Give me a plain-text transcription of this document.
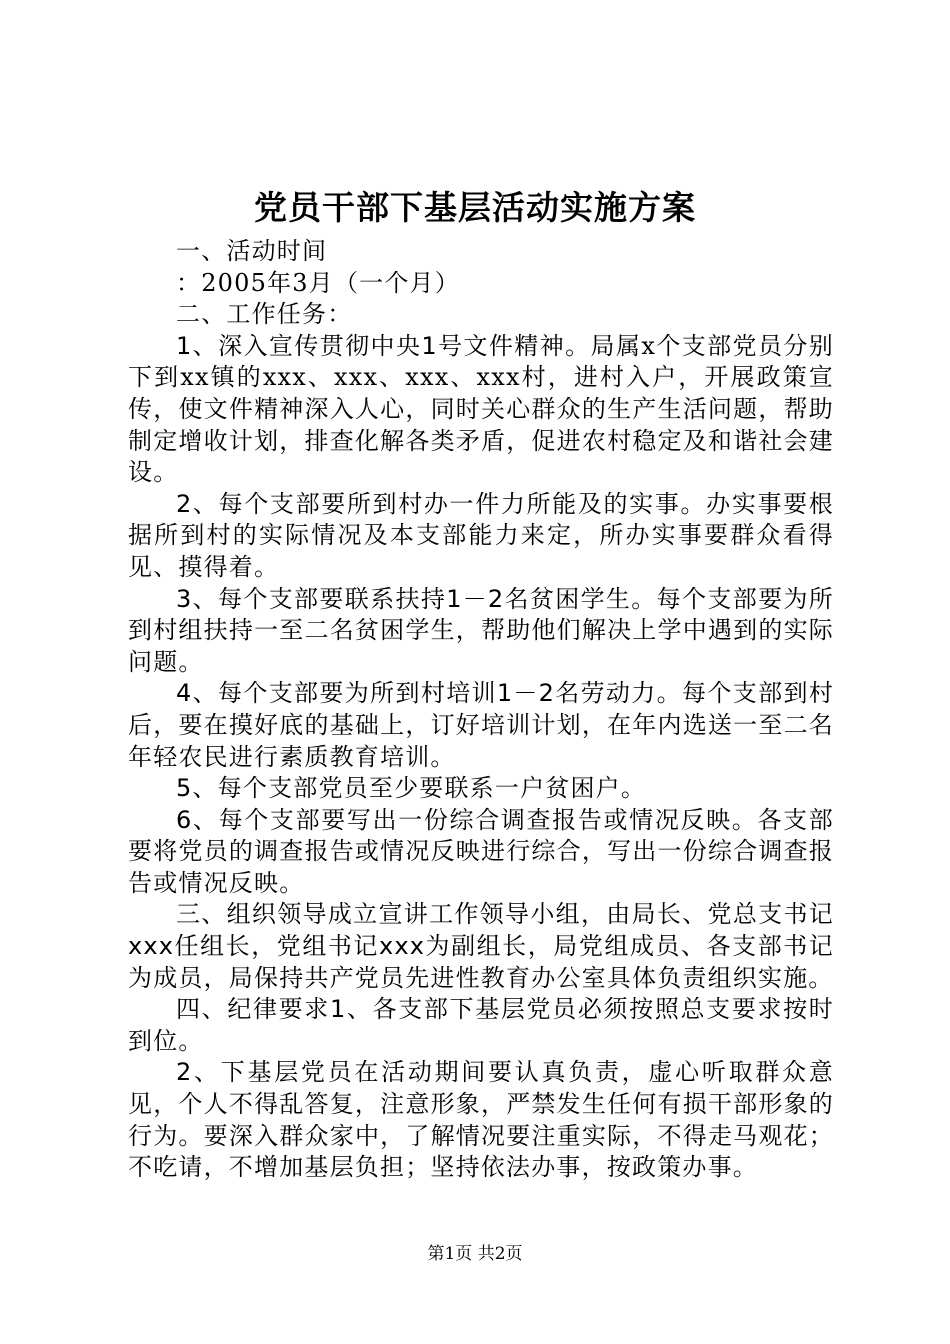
党员干部下基层活动实施方案

一、活动时间

：2005年3月（一个月）

二、工作任务：

1、深入宣传贯彻中央1号文件精神。局属x个支部党员分别下到xx镇的xxx、xxx、xxx、xxx村，进村入户，开展政策宣传，使文件精神深入人心，同时关心群众的生产生活问题，帮助制定增收计划，排查化解各类矛盾，促进农村稳定及和谐社会建设。

2、每个支部要所到村办一件力所能及的实事。办实事要根据所到村的实际情况及本支部能力来定，所办实事要群众看得见、摸得着。

3、每个支部要联系扶持1－2名贫困学生。每个支部要为所到村组扶持一至二名贫困学生，帮助他们解决上学中遇到的实际问题。

4、每个支部要为所到村培训1－2名劳动力。每个支部到村后，要在摸好底的基础上，订好培训计划，在年内选送一至二名年轻农民进行素质教育培训。

5、每个支部党员至少要联系一户贫困户。

6、每个支部要写出一份综合调查报告或情况反映。各支部要将党员的调查报告或情况反映进行综合，写出一份综合调查报告或情况反映。

三、组织领导成立宣讲工作领导小组，由局长、党总支书记xxx任组长，党组书记xxx为副组长，局党组成员、各支部书记为成员，局保持共产党员先进性教育办公室具体负责组织实施。

四、纪律要求1、各支部下基层党员必须按照总支要求按时到位。

2、下基层党员在活动期间要认真负责，虚心听取群众意见，个人不得乱答复，注意形象，严禁发生任何有损干部形象的行为。要深入群众家中，了解情况要注重实际，不得走马观花；不吃请，不增加基层负担；坚持依法办事，按政策办事。

第1页 共2页
